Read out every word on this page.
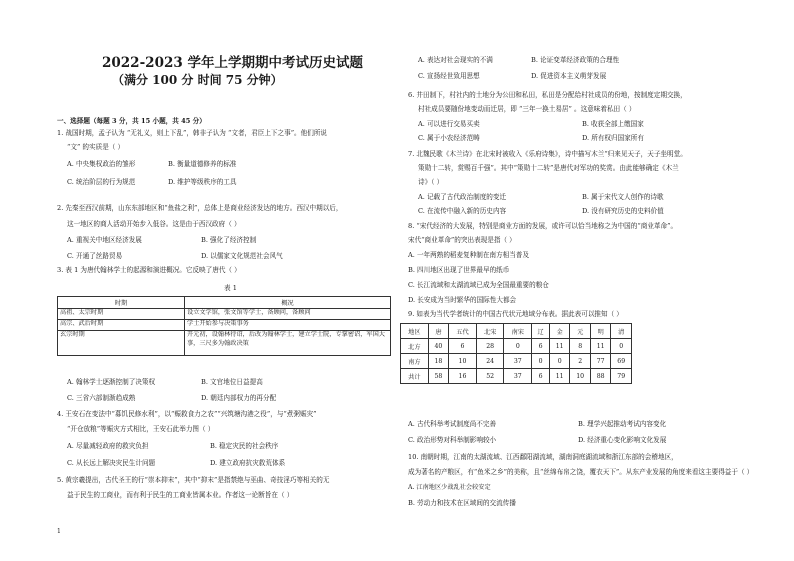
2022-2023 学年上学期期中考试历史试题
（满分 100 分 时间 75 分钟）
一、选择题（每题 3 分，共 15 小题，共 45 分）
1. 战国时期，孟子认为 “无礼义，则上下乱”，韩非子认为 “文者，君臣上下之事”。他们所说
“文” 的实质是（ ）
A. 中央集权政治的雏形	B. 衡量道德修养的标准
C. 统治阶层的行为规范	D. 维护等级秩序的工具
2. 先秦至西汉前期，山东东部地区和“鱼盐之利”，总体上是商业经济发达的地方。西汉中期以后，
这一地区的商人活动开始步入低谷。这是由于西汉政府（ ）
A. 重视关中地区经济发展	B. 强化了经济控制
C. 开通了丝路贸易	D. 以儒家文化规范社会风气
3. 表 1 为唐代翰林学士的起源和演进概况。它反映了唐代（ ）
表 1
时期	概况
高祖、太宗时期	设立文学馆，张文馆等学士，备顾问，备顾问
高宗、武后时期	学士开始参与决策事务
玄宗时期	开元初，设翰林待诏，后改为翰林学士，建立学士院，专掌密诏，军国大事，三尺多为翰政决策
A. 翰林学士逐渐控制了决策权	B. 文官地位日益提高
C. 三省六部制渐趋成熟	D. 朝廷内部权力的再分配
4. 王安石在变法中“募饥民修水利”，以“赈救食力之农”“兴筑塘沟港之役”，与“煮粥赈灾”
“开仓放粮”等赈灾方式相比，王安石此举力图（ ）
A. 尽量减轻政府的救灾负担	B. 稳定灾民的社会秩序
C. 从长远上解决灾民生计问题	D. 建立政府抗灾救荒体系
5. 黄宗羲提出，古代圣王的行“崇本抑末”，其中“抑末”是指禁绝与巫曲、奇技淫巧等相关的无
益于民生的工商业，而有利于民生的工商业皆属本业。作者这一论断旨在（ ）
A. 表达对社会现实的不满	B. 论证变革经济政策的合理性
C. 宣扬经世致用思想	D. 促进资本主义萌芽发展
6. 井田制下，村社内的土地分为公田和私田，私田是分配给村社成员的份地，按制度定期交换，
村社成员要随份地变动而迁居，即 “三年一换土易居” 。这意味着私田（ ）
A. 可以进行交易买卖	B. 收获全部上缴国家
C. 属于小农经济范畴	D. 所有权归国家所有
7. 北魏民歌《木兰诗》在北宋时被收入《乐府诗集》，诗中描写木兰“归来见天子，天子坐明堂。
策勋十二转，赏赐百千强”。其中“策勋十二转”是唐代对军功的奖赏。由此能够确定《木兰
诗》（ ）
A. 记载了古代政治制度的变迁	B. 属于宋代文人创作的诗歌
C. 在流传中融入新的历史内容	D. 没有研究历史的史料价值
8. “宋代经济的大发展，特别是商业方面的发展，或许可以恰当地称之为中国的“商业革命”。
宋代“商业革命”的突出表现是指（ ）
A. 一年两熟的稻麦复种制在南方相当普及
B. 四川地区出现了世界最早的纸币
C. 长江流域和太湖流域已成为全国最重要的粮仓
D. 长安成为当时繁华的国际性大都会
9. 如表为当代学者统计的中国古代状元地域分布表。据此表可以推知（ ）
地区	唐	五代	北宋	南宋	辽	金	元	明	清
北方	40	6	28	0	6	11	8	11	0
南方	18	10	24	37	0	0	2	77	69
共计	58	16	52	37	6	11	10	88	79
A. 古代科举考试制度尚不完善	B. 理学兴起推动考试内容变化
C. 政治形势对科举制影响较小	D. 经济重心变化影响文化发展
10. 南朝时期，江南的太湖流域、江西鄱阳湖流域，湖南洞庭湖流域和浙江东部的会稽地区，
成为著名的产粮区，有“鱼米之乡”的美称，且“丝绵布帛之饶，覆衣天下”。从东产业发展的角度来看这主要得益于（ ）
A. 江南地区少战乱社会较安定
B. 劳动力和技术在区域间的交流传播
1
